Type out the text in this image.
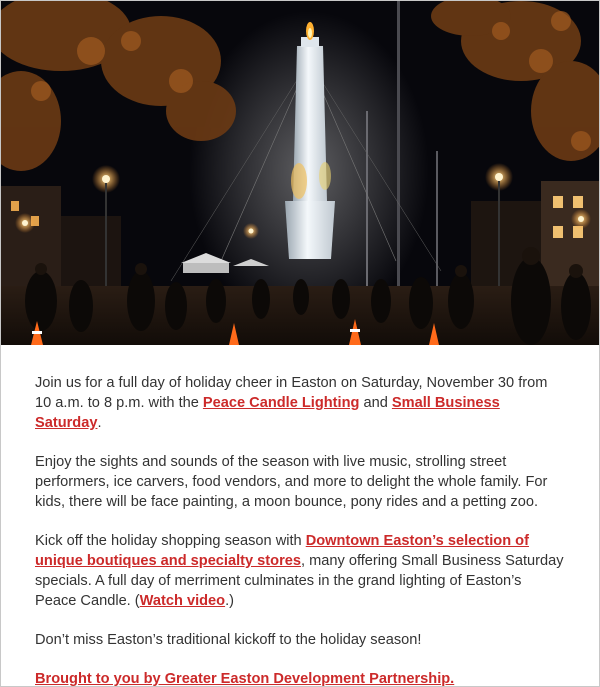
Join us for a full day of holiday cheer in Easton on Saturday, November 30 from 10 a.m. to 8 p.m. with the Peace Candle Lighting and Small Business Saturday.

Enjoy the sights and sounds of the season with live music, strolling street performers, ice carvers, food vendors, and more to delight the whole family. For kids, there will be face painting, a moon bounce, pony rides and a petting zoo.

Kick off the holiday shopping season with Downtown Easton’s selection of unique boutiques and specialty stores, many offering Small Business Saturday specials. A full day of merriment culminates in the grand lighting of Easton’s Peace Candle. (Watch video.)

Don’t miss Easton’s traditional kickoff to the holiday season!

Brought to you by Greater Easton Development Partnership.
